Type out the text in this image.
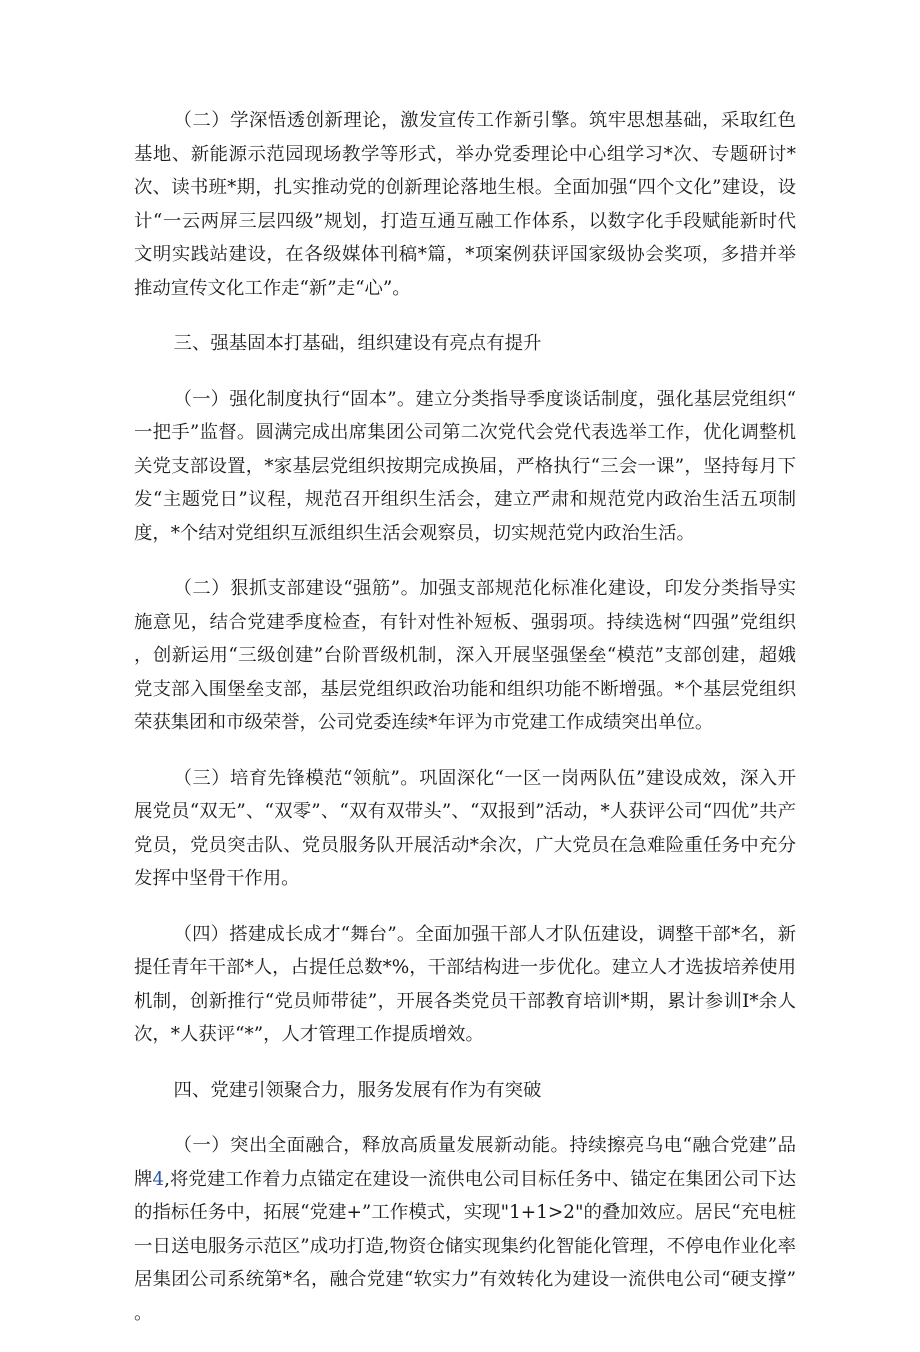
（二）学深悟透创新理论，激发宣传工作新引擎。筑牢思想基础，采取红色基地、新能源示范园现场教学等形式，举办党委理论中心组学习*次、专题研讨*次、读书班*期，扎实推动党的创新理论落地生根。全面加强“四个文化”建设，设计“一云两屏三层四级”规划，打造互通互融工作体系，以数字化手段赋能新时代文明实践站建设，在各级媒体刊稿*篇，*项案例获评国家级协会奖项，多措并举推动宣传文化工作走“新”走“心”。

三、强基固本打基础，组织建设有亮点有提升

（一）强化制度执行“固本”。建立分类指导季度谈话制度，强化基层党组织“一把手”监督。圆满完成出席集团公司第二次党代会党代表选举工作，优化调整机关党支部设置，*家基层党组织按期完成换届，严格执行“三会一课”，坚持每月下发“主题党日”议程，规范召开组织生活会，建立严肃和规范党内政治生活五项制度，*个结对党组织互派组织生活会观察员，切实规范党内政治生活。

（二）狠抓支部建设“强筋”。加强支部规范化标准化建设，印发分类指导实施意见，结合党建季度检查，有针对性补短板、强弱项。持续选树“四强”党组织，创新运用“三级创建”台阶晋级机制，深入开展坚强堡垒“模范”支部创建，超娥党支部入围堡垒支部，基层党组织政治功能和组织功能不断增强。*个基层党组织荣获集团和市级荣誉，公司党委连续*年评为市党建工作成绩突出单位。

（三）培育先锋模范“领航”。巩固深化“一区一岗两队伍”建设成效，深入开展党员“双无”、“双零”、“双有双带头”、“双报到”活动，*人获评公司“四优”共产党员，党员突击队、党员服务队开展活动*余次，广大党员在急难险重任务中充分发挥中坚骨干作用。

（四）搭建成长成才“舞台”。全面加强干部人才队伍建设，调整干部*名，新提任青年干部*人，占提任总数*%，干部结构进一步优化。建立人才选拔培养使用机制，创新推行“党员师带徒”，开展各类党员干部教育培训*期，累计参训I*余人次，*人获评“*”，人才管理工作提质增效。

四、党建引领聚合力，服务发展有作为有突破

（一）突出全面融合，释放高质量发展新动能。持续擦亮乌电“融合党建”品牌4,将党建工作着力点锚定在建设一流供电公司目标任务中、锚定在集团公司下达的指标任务中，拓展“党建+”工作模式，实现"1+1>2"的叠加效应。居民“充电桩一日送电服务示范区”成功打造,物资仓储实现集约化智能化管理，不停电作业化率居集团公司系统第*名，融合党建“软实力”有效转化为建设一流供电公司“硬支撑”。
